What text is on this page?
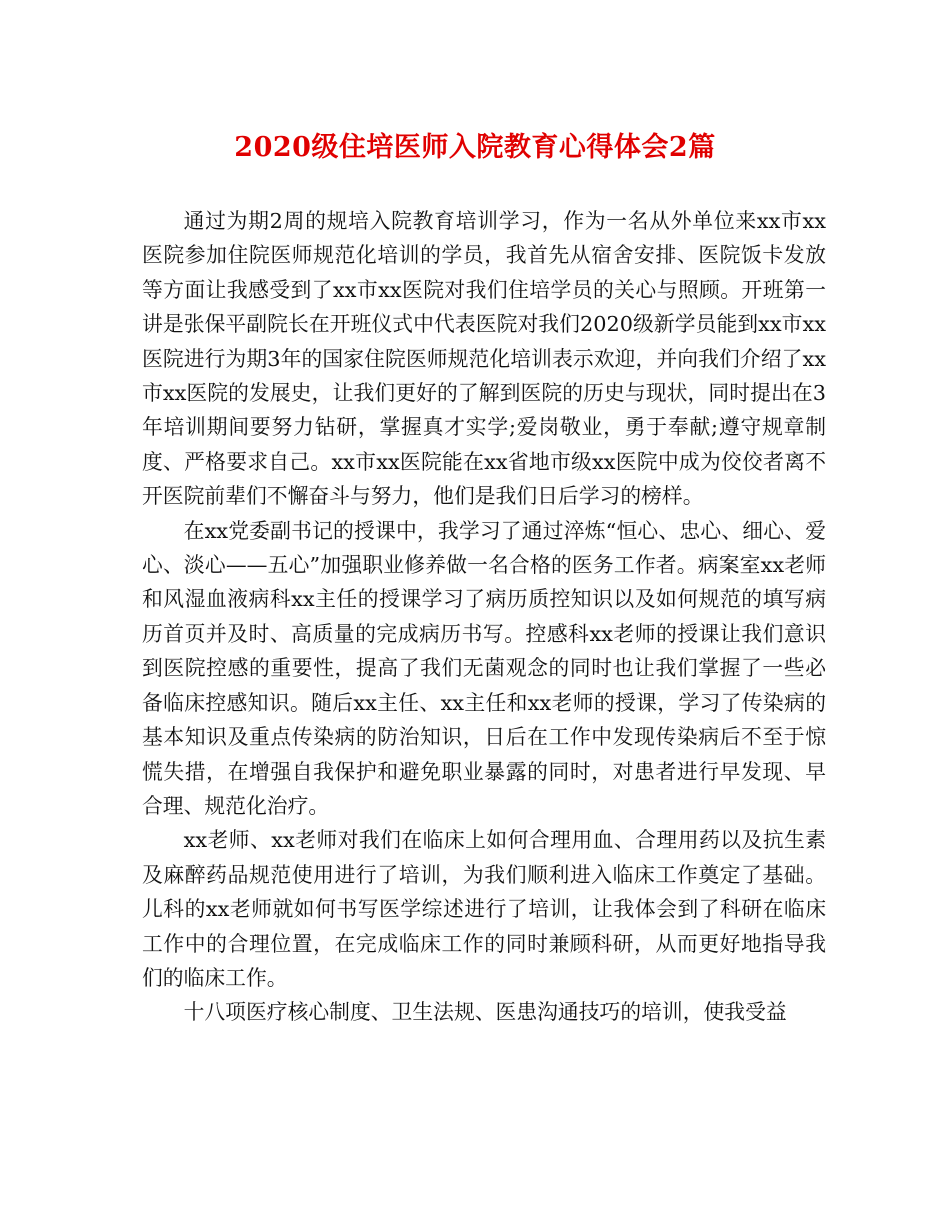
2020级住培医师入院教育心得体会2篇

通过为期2周的规培入院教育培训学习，作为一名从外单位来xx市xx医院参加住院医师规范化培训的学员，我首先从宿舍安排、医院饭卡发放等方面让我感受到了xx市xx医院对我们住培学员的关心与照顾。开班第一讲是张保平副院长在开班仪式中代表医院对我们2020级新学员能到xx市xx医院进行为期3年的国家住院医师规范化培训表示欢迎，并向我们介绍了xx市xx医院的发展史，让我们更好的了解到医院的历史与现状，同时提出在3年培训期间要努力钻研，掌握真才实学;爱岗敬业，勇于奉献;遵守规章制度、严格要求自己。xx市xx医院能在xx省地市级xx医院中成为佼佼者离不开医院前辈们不懈奋斗与努力，他们是我们日后学习的榜样。

在xx党委副书记的授课中，我学习了通过淬炼“恒心、忠心、细心、爱心、淡心——五心”加强职业修养做一名合格的医务工作者。病案室xx老师和风湿血液病科xx主任的授课学习了病历质控知识以及如何规范的填写病历首页并及时、高质量的完成病历书写。控感科xx老师的授课让我们意识到医院控感的重要性，提高了我们无菌观念的同时也让我们掌握了一些必备临床控感知识。随后xx主任、xx主任和xx老师的授课，学习了传染病的基本知识及重点传染病的防治知识，日后在工作中发现传染病后不至于惊慌失措，在增强自我保护和避免职业暴露的同时，对患者进行早发现、早合理、规范化治疗。

xx老师、xx老师对我们在临床上如何合理用血、合理用药以及抗生素及麻醉药品规范使用进行了培训，为我们顺利进入临床工作奠定了基础。儿科的xx老师就如何书写医学综述进行了培训，让我体会到了科研在临床工作中的合理位置，在完成临床工作的同时兼顾科研，从而更好地指导我们的临床工作。

十八项医疗核心制度、卫生法规、医患沟通技巧的培训，使我受益
